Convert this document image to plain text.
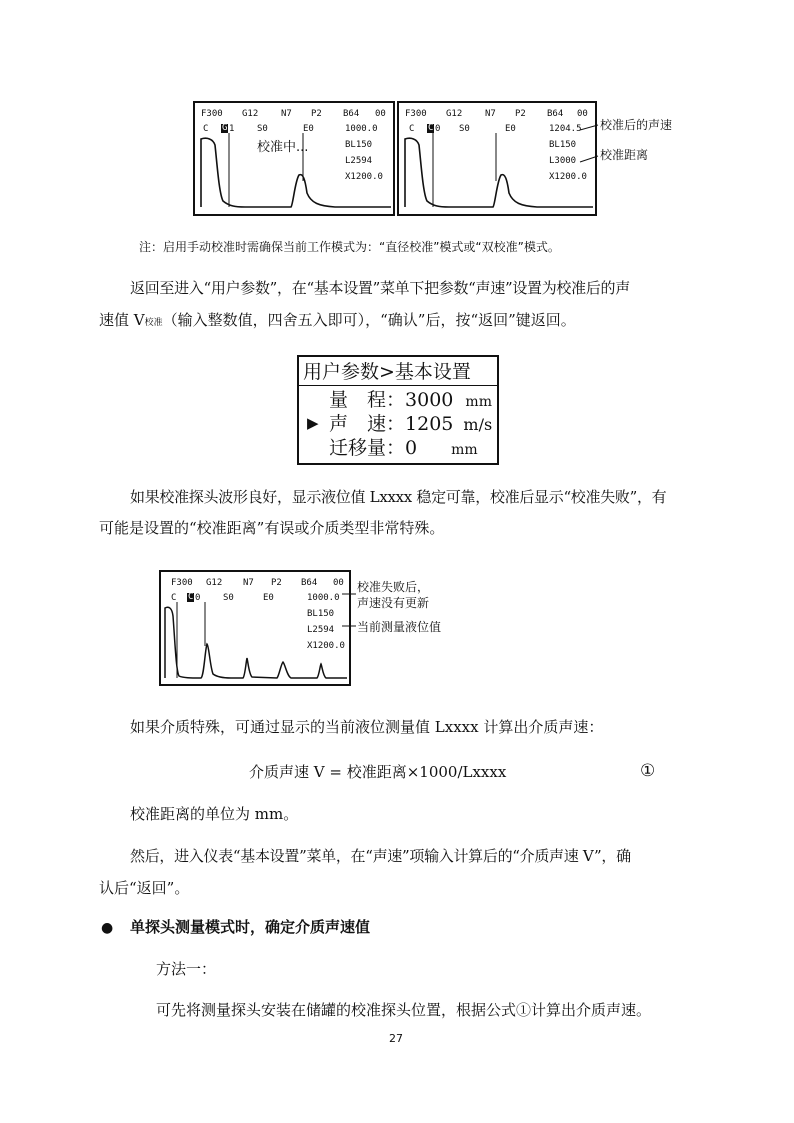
F300 G12	N7 P2 B64 00
C G 1	S0	E0	1000.0
BL150
L2594
X1200.0
校准中...
F300 G12	N7 P2 B64 00
C C 0 S0	E0	1204.5
BL150
L3000
X1200.0
校准后的声速
校准距离
注：启用手动校准时需确保当前工作模式为：“直径校准”模式或“双校准”模式。
返回至进入“用户参数”，在“基本设置”菜单下把参数“声速”设置为校准后的声
速值 V校准（输入整数值，四舍五入即可），“确认”后，按“返回”键返回。
用户参数>基本设置
量　程：3000 mm
▶ 声　速：1205 m/s
迁移量：0 mm
如果校准探头波形良好，显示液位值 Lxxxx 稳定可靠，校准后显示“校准失败”，有
可能是设置的“校准距离”有误或介质类型非常特殊。
F300 G12 N7 P2 B64 00
C C 0	S0	E0	1000.0
BL150
L2594
X1200.0
校准失败后，
声速没有更新
当前测量液位值
如果介质特殊，可通过显示的当前液位测量值 Lxxxx 计算出介质声速：
介质声速 V = 校准距离×1000/Lxxxx	①
校准距离的单位为 mm。
然后，进入仪表“基本设置”菜单，在“声速”项输入计算后的“介质声速 V”，确
认后“返回”。
● 单探头测量模式时，确定介质声速值
方法一：
可先将测量探头安装在储罐的校准探头位置，根据公式①计算出介质声速。
27
